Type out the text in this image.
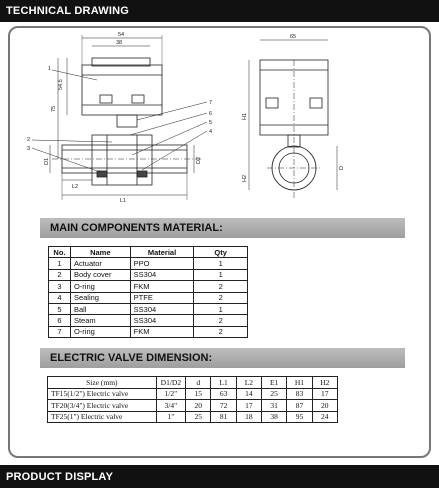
TECHNICAL DRAWING
54
38
54.5
75
D1	D2
L2
L1
65
H1
H2
D
1
2
3
4
5
6
7
MAIN COMPONENTS MATERIAL:
No.	Name	Material	Qty
1	Actuator	PPO	1
2	Body cover	SS304	1
3	O-ring	FKM	2
4	Sealing	PTFE	2
5	Ball	SS304	1
6	Steam	SS304	2
7	O-ring	FKM	2
ELECTRIC VALVE DIMENSION:
Size (mm)	D1/D2	d	L1	L2	E1	H1	H2
TF15(1/2") Electric valve	1/2"	15	63	14	25	83	17
TF20(3/4") Electric valve	3/4"	20	72	17	31	87	20
TF25(1") Electric valve	1"	25	81	18	38	95	24
PRODUCT DISPLAY
